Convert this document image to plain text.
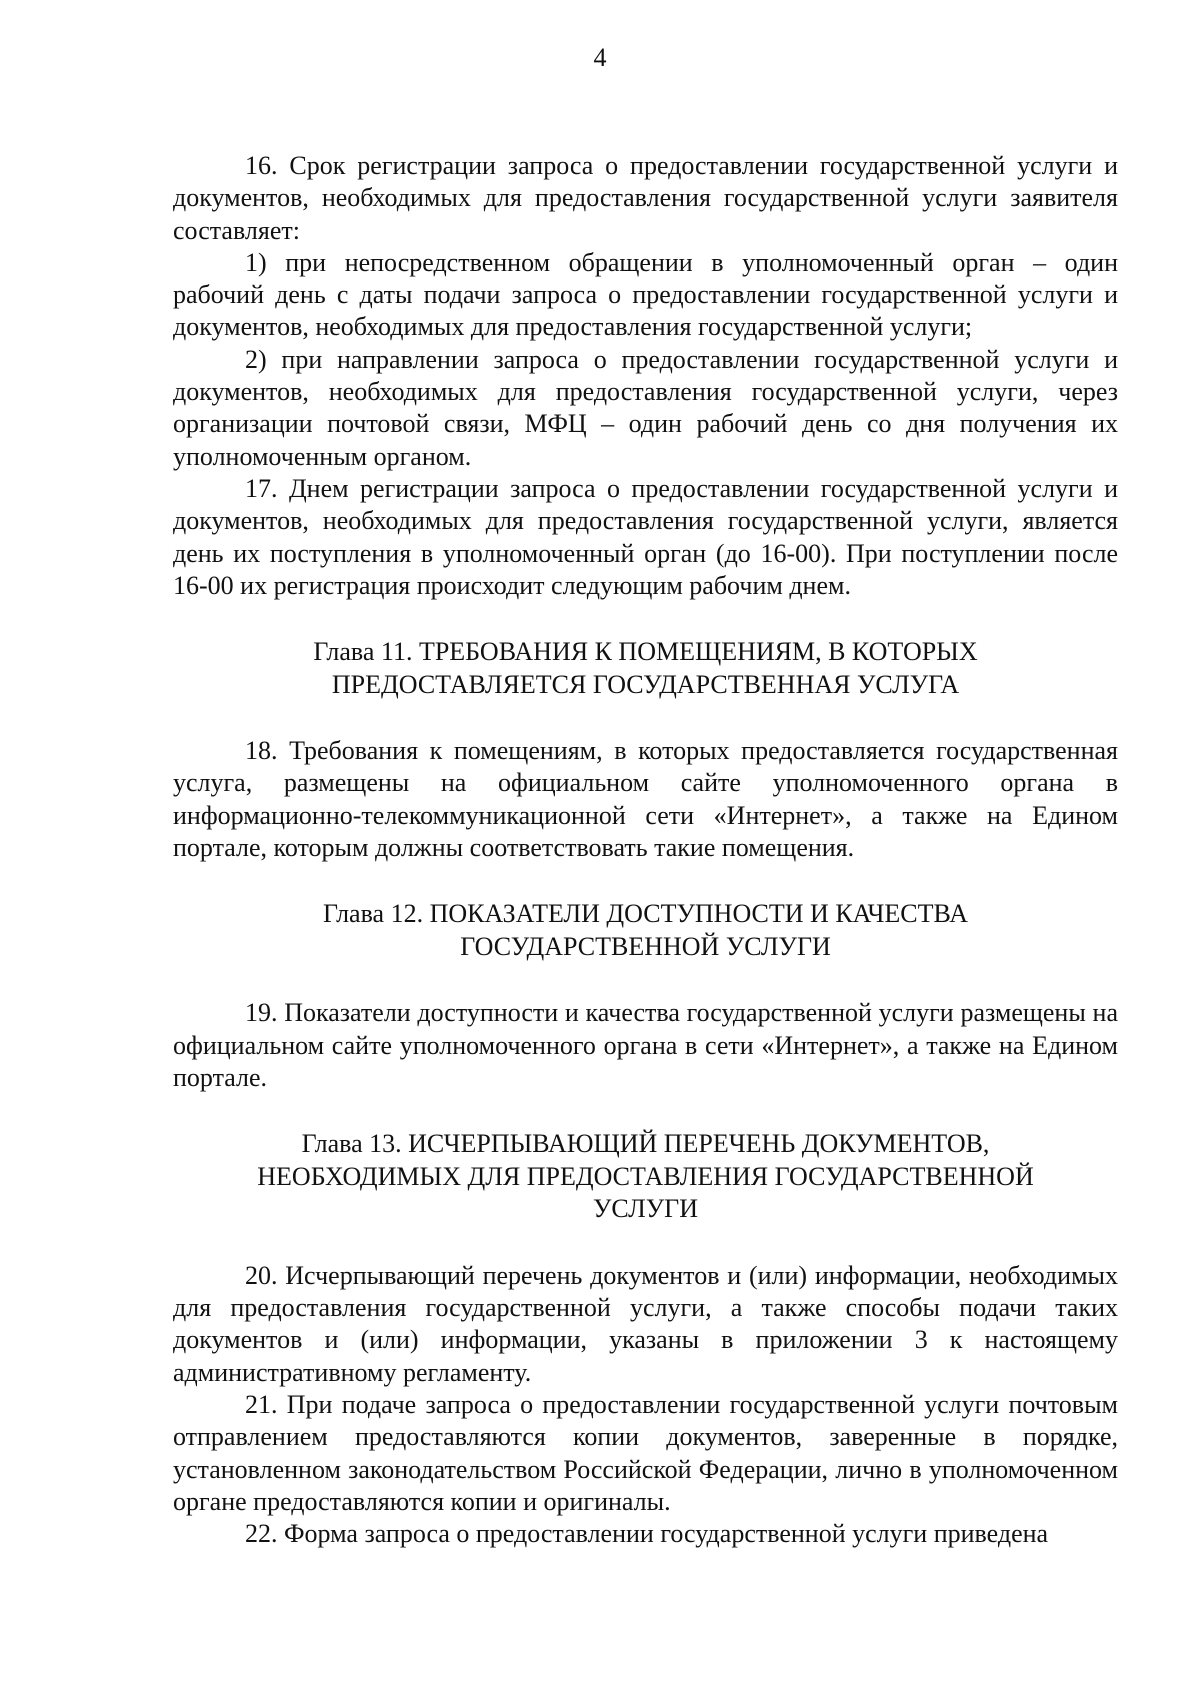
4

16. Срок регистрации запроса о предоставлении государственной услуги и документов, необходимых для предоставления государственной услуги заявителя составляет:

1) при непосредственном обращении в уполномоченный орган – один рабочий день с даты подачи запроса о предоставлении государственной услуги и документов, необходимых для предоставления государственной услуги;

2) при направлении запроса о предоставлении государственной услуги и документов, необходимых для предоставления государственной услуги, через организации почтовой связи, МФЦ – один рабочий день со дня получения их уполномоченным органом.

17. Днем регистрации запроса о предоставлении государственной услуги и документов, необходимых для предоставления государственной услуги, является день их поступления в уполномоченный орган (до 16-00). При поступлении после 16-00 их регистрация происходит следующим рабочим днем.

Глава 11. ТРЕБОВАНИЯ К ПОМЕЩЕНИЯМ, В КОТОРЫХ
ПРЕДОСТАВЛЯЕТСЯ ГОСУДАРСТВЕННАЯ УСЛУГА

18. Требования к помещениям, в которых предоставляется государственная услуга, размещены на официальном сайте уполномоченного органа в информационно-телекоммуникационной сети «Интернет», а также на Едином портале, которым должны соответствовать такие помещения.

Глава 12. ПОКАЗАТЕЛИ ДОСТУПНОСТИ И КАЧЕСТВА
ГОСУДАРСТВЕННОЙ УСЛУГИ

19. Показатели доступности и качества государственной услуги размещены на официальном сайте уполномоченного органа в сети «Интернет», а также на Едином портале.

Глава 13. ИСЧЕРПЫВАЮЩИЙ ПЕРЕЧЕНЬ ДОКУМЕНТОВ,
НЕОБХОДИМЫХ ДЛЯ ПРЕДОСТАВЛЕНИЯ ГОСУДАРСТВЕННОЙ
УСЛУГИ

20. Исчерпывающий перечень документов и (или) информации, необходимых для предоставления государственной услуги, а также способы подачи таких документов и (или) информации, указаны в приложении 3 к настоящему административному регламенту.

21. При подаче запроса о предоставлении государственной услуги почтовым отправлением предоставляются копии документов, заверенные в порядке, установленном законодательством Российской Федерации, лично в уполномоченном органе предоставляются копии и оригиналы.

22. Форма запроса о предоставлении государственной услуги приведена
